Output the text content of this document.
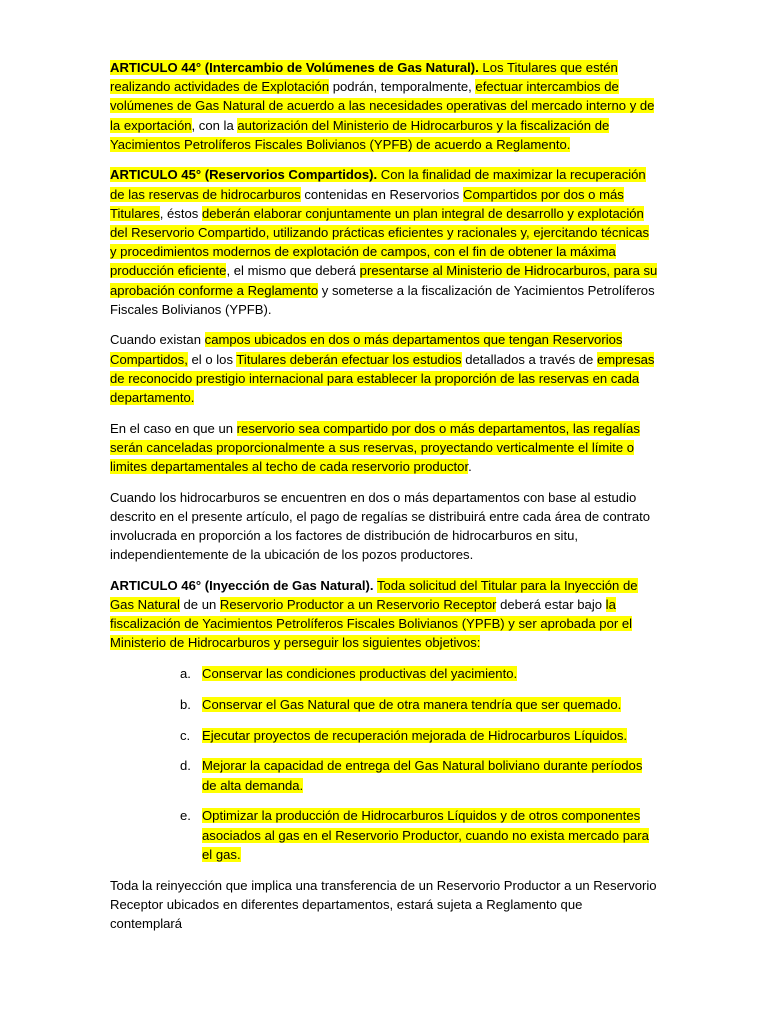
ARTICULO 44° (Intercambio de Volúmenes de Gas Natural). Los Titulares que estén realizando actividades de Explotación podrán, temporalmente, efectuar intercambios de volúmenes de Gas Natural de acuerdo a las necesidades operativas del mercado interno y de la exportación, con la autorización del Ministerio de Hidrocarburos y la fiscalización de Yacimientos Petrolíferos Fiscales Bolivianos (YPFB) de acuerdo a Reglamento.

ARTICULO 45° (Reservorios Compartidos). Con la finalidad de maximizar la recuperación de las reservas de hidrocarburos contenidas en Reservorios Compartidos por dos o más Titulares, éstos deberán elaborar conjuntamente un plan integral de desarrollo y explotación del Reservorio Compartido, utilizando prácticas eficientes y racionales y, ejercitando técnicas y procedimientos modernos de explotación de campos, con el fin de obtener la máxima producción eficiente, el mismo que deberá presentarse al Ministerio de Hidrocarburos, para su aprobación conforme a Reglamento y someterse a la fiscalización de Yacimientos Petrolíferos Fiscales Bolivianos (YPFB).

Cuando existan campos ubicados en dos o más departamentos que tengan Reservorios Compartidos, el o los Titulares deberán efectuar los estudios detallados a través de empresas de reconocido prestigio internacional para establecer la proporción de las reservas en cada departamento.

En el caso en que un reservorio sea compartido por dos o más departamentos, las regalías serán canceladas proporcionalmente a sus reservas, proyectando verticalmente el límite o limites departamentales al techo de cada reservorio productor.

Cuando los hidrocarburos se encuentren en dos o más departamentos con base al estudio descrito en el presente artículo, el pago de regalías se distribuirá entre cada área de contrato involucrada en proporción a los factores de distribución de hidrocarburos en situ, independientemente de la ubicación de los pozos productores.

ARTICULO 46° (Inyección de Gas Natural). Toda solicitud del Titular para la Inyección de Gas Natural de un Reservorio Productor a un Reservorio Receptor deberá estar bajo la fiscalización de Yacimientos Petrolíferos Fiscales Bolivianos (YPFB) y ser aprobada por el Ministerio de Hidrocarburos y perseguir los siguientes objetivos:

a. Conservar las condiciones productivas del yacimiento.
b. Conservar el Gas Natural que de otra manera tendría que ser quemado.
c. Ejecutar proyectos de recuperación mejorada de Hidrocarburos Líquidos.
d. Mejorar la capacidad de entrega del Gas Natural boliviano durante períodos de alta demanda.
e. Optimizar la producción de Hidrocarburos Líquidos y de otros componentes asociados al gas en el Reservorio Productor, cuando no exista mercado para el gas.

Toda la reinyección que implica una transferencia de un Reservorio Productor a un Reservorio Receptor ubicados en diferentes departamentos, estará sujeta a Reglamento que contemplará
